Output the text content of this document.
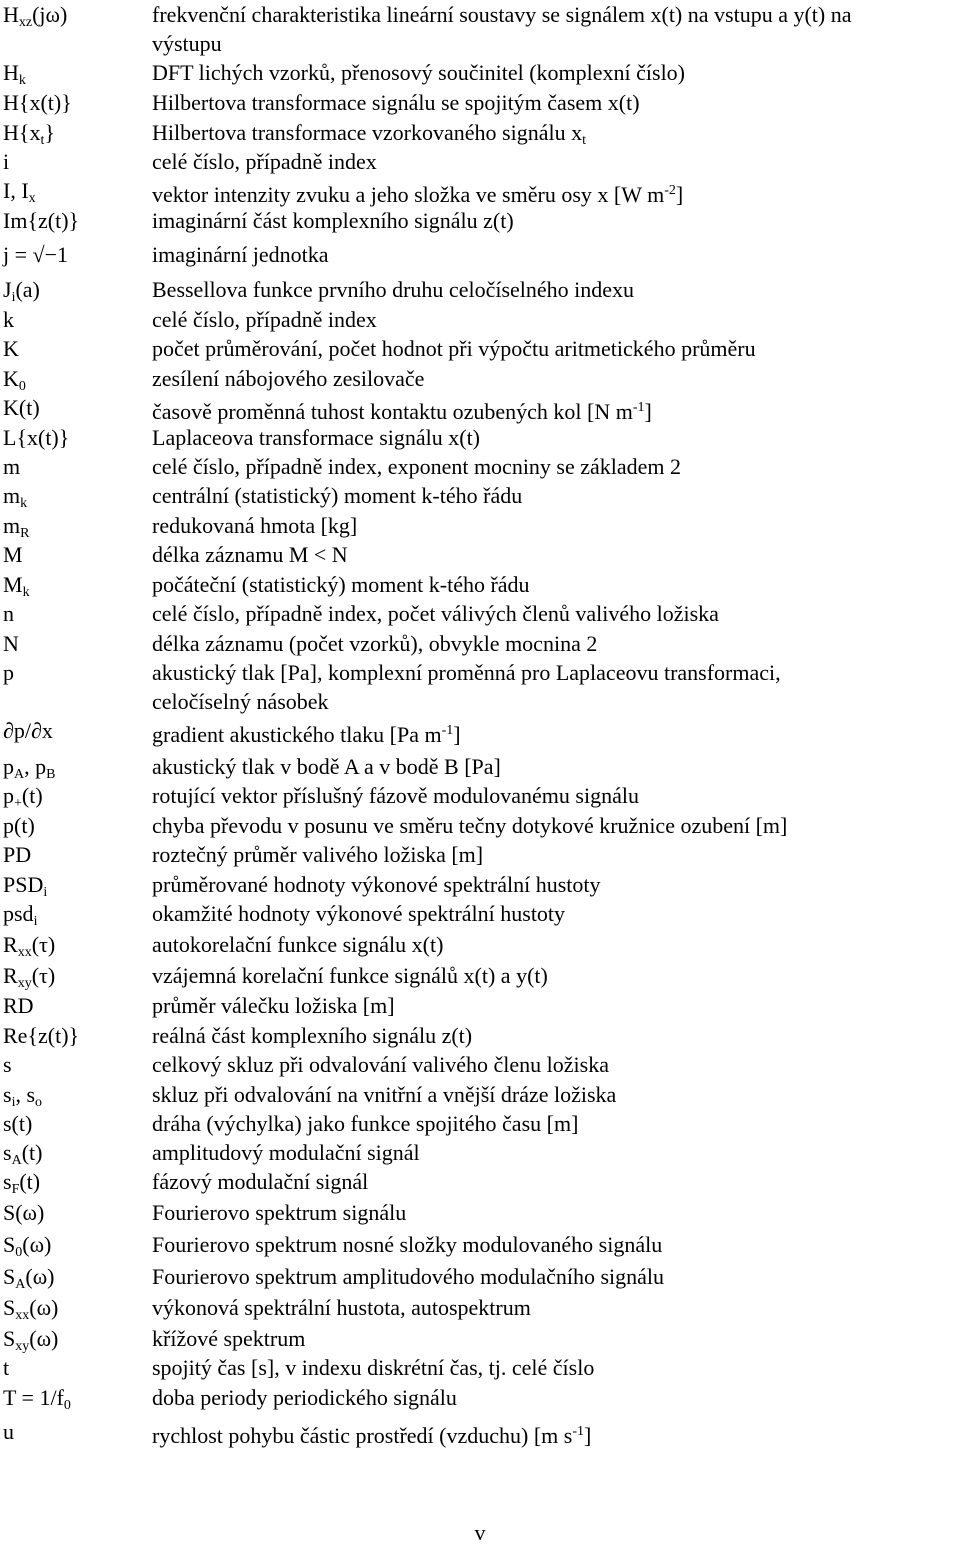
$H_{xz}(j\omega)$	frekvenční charakteristika lineární soustavy se signálem x(t) na vstupu a y(t) na
výstupu
$H_k$	DFT lichých vzorků, přenosový součinitel (komplexní číslo)
H{x(t)}	Hilbertova transformace signálu se spojitým časem x(t)
$H\{x_t\}$	Hilbertova transformace vzorkovaného signálu $x_t$
i	celé číslo, případně index
I, $I_x$	vektor intenzity zvuku a jeho složka ve směru osy x [W $m^{-2}$]
Im{z(t)}	imaginární část komplexního signálu z(t)
j = √−1	imaginární jednotka
$J_i(a)$	Bessellova funkce prvního druhu celočíselného indexu
k	celé číslo, případně index
K	počet průměrování, počet hodnot při výpočtu aritmetického průměru
$K_0$	zesílení nábojového zesilovače
K(t)	časově proměnná tuhost kontaktu ozubených kol [N $m^{-1}$]
L{x(t)}	Laplaceova transformace signálu x(t)
m	celé číslo, případně index, exponent mocniny se základem 2
$m_k$	centrální (statistický) moment k-tého řádu
$m_R$	redukovaná hmota [kg]
M	délka záznamu M < N
$M_k$	počáteční (statistický) moment k-tého řádu
n	celé číslo, případně index, počet válivých členů valivého ložiska
N	délka záznamu (počet vzorků), obvykle mocnina 2
p	akustický tlak [Pa], komplexní proměnná pro Laplaceovu transformaci,
celočíselný násobek
∂p/∂x	gradient akustického tlaku [Pa $m^{-1}$]
$p_A$, $p_B$	akustický tlak v bodě A a v bodě B [Pa]
$p_+(t)$	rotující vektor příslušný fázově modulovanému signálu
p(t)	chyba převodu v posunu ve směru tečny dotykové kružnice ozubení [m]
PD	roztečný průměr valivého ložiska [m]
$PSD_i$	průměrované hodnoty výkonové spektrální hustoty
psd$_i$	okamžité hodnoty výkonové spektrální hustoty
$R_{xx}(\tau)$	autokorelační funkce signálu x(t)
$R_{xy}(\tau)$	vzájemná korelační funkce signálů x(t) a y(t)
RD	průměr válečku ložiska [m]
Re{z(t)}	reálná část komplexního signálu z(t)
s	celkový skluz při odvalování valivého členu ložiska
$s_i$, $s_o$	skluz při odvalování na vnitřní a vnější dráze ložiska
s(t)	dráha (výchylka) jako funkce spojitého času [m]
$s_A(t)$	amplitudový modulační signál
$s_F(t)$	fázový modulační signál
S(ω)	Fourierovo spektrum signálu
$S_0(\omega)$	Fourierovo spektrum nosné složky modulovaného signálu
$S_A(\omega)$	Fourierovo spektrum amplitudového modulačního signálu
$S_{xx}(\omega)$	výkonová spektrální hustota, autospektrum
$S_{xy}(\omega)$	křížové spektrum
t	spojitý čas [s], v indexu diskrétní čas, tj. celé číslo
$T = 1/f_0$	doba periody periodického signálu
u	rychlost pohybu částic prostředí (vzduchu) [m $s^{-1}$]
v
